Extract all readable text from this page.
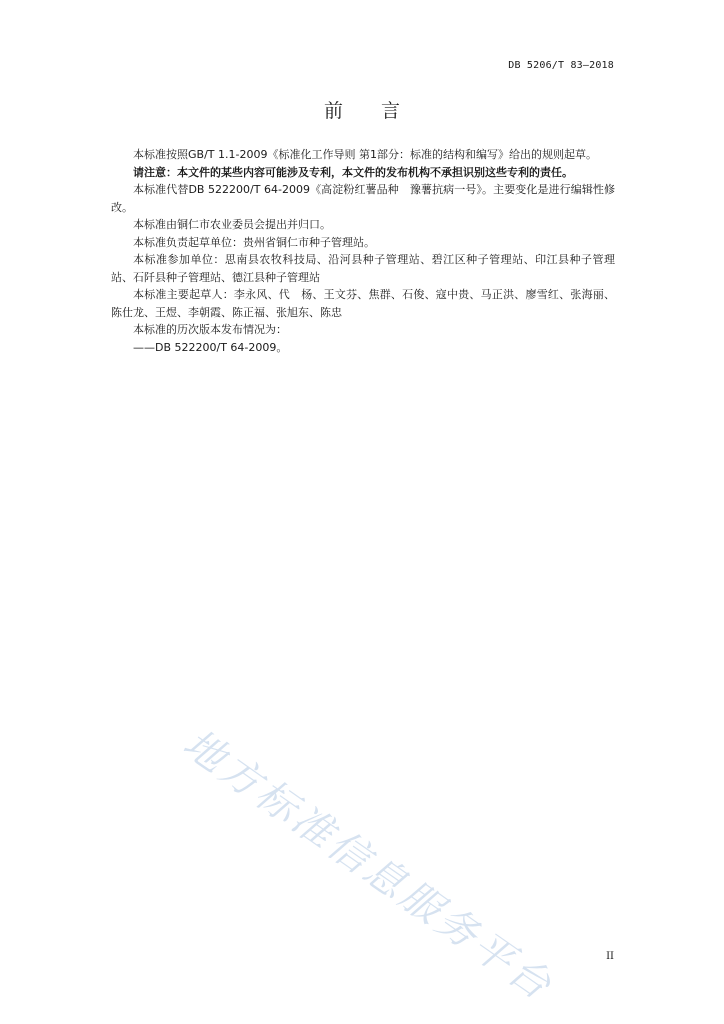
DB 5206/T 83—2018
前 言

本标准按照GB/T 1.1-2009《标准化工作导则 第1部分：标准的结构和编写》给出的规则起草。

请注意：本文件的某些内容可能涉及专利，本文件的发布机构不承担识别这些专利的责任。

本标准代替DB 522200/T 64-2009《高淀粉红薯品种　豫薯抗病一号》。主要变化是进行编辑性修改。

本标准由铜仁市农业委员会提出并归口。

本标准负责起草单位：贵州省铜仁市种子管理站。

本标准参加单位：思南县农牧科技局、沿河县种子管理站、碧江区种子管理站、印江县种子管理站、石阡县种子管理站、德江县种子管理站

本标准主要起草人：李永风、代　杨、王文芬、焦群、石俊、寇中贵、马正洪、廖雪红、张海丽、陈仕龙、王煜、李朝霞、陈正福、张旭东、陈忠

本标准的历次版本发布情况为：

——DB 522200/T 64-2009。

地方标准信息服务平台	II
